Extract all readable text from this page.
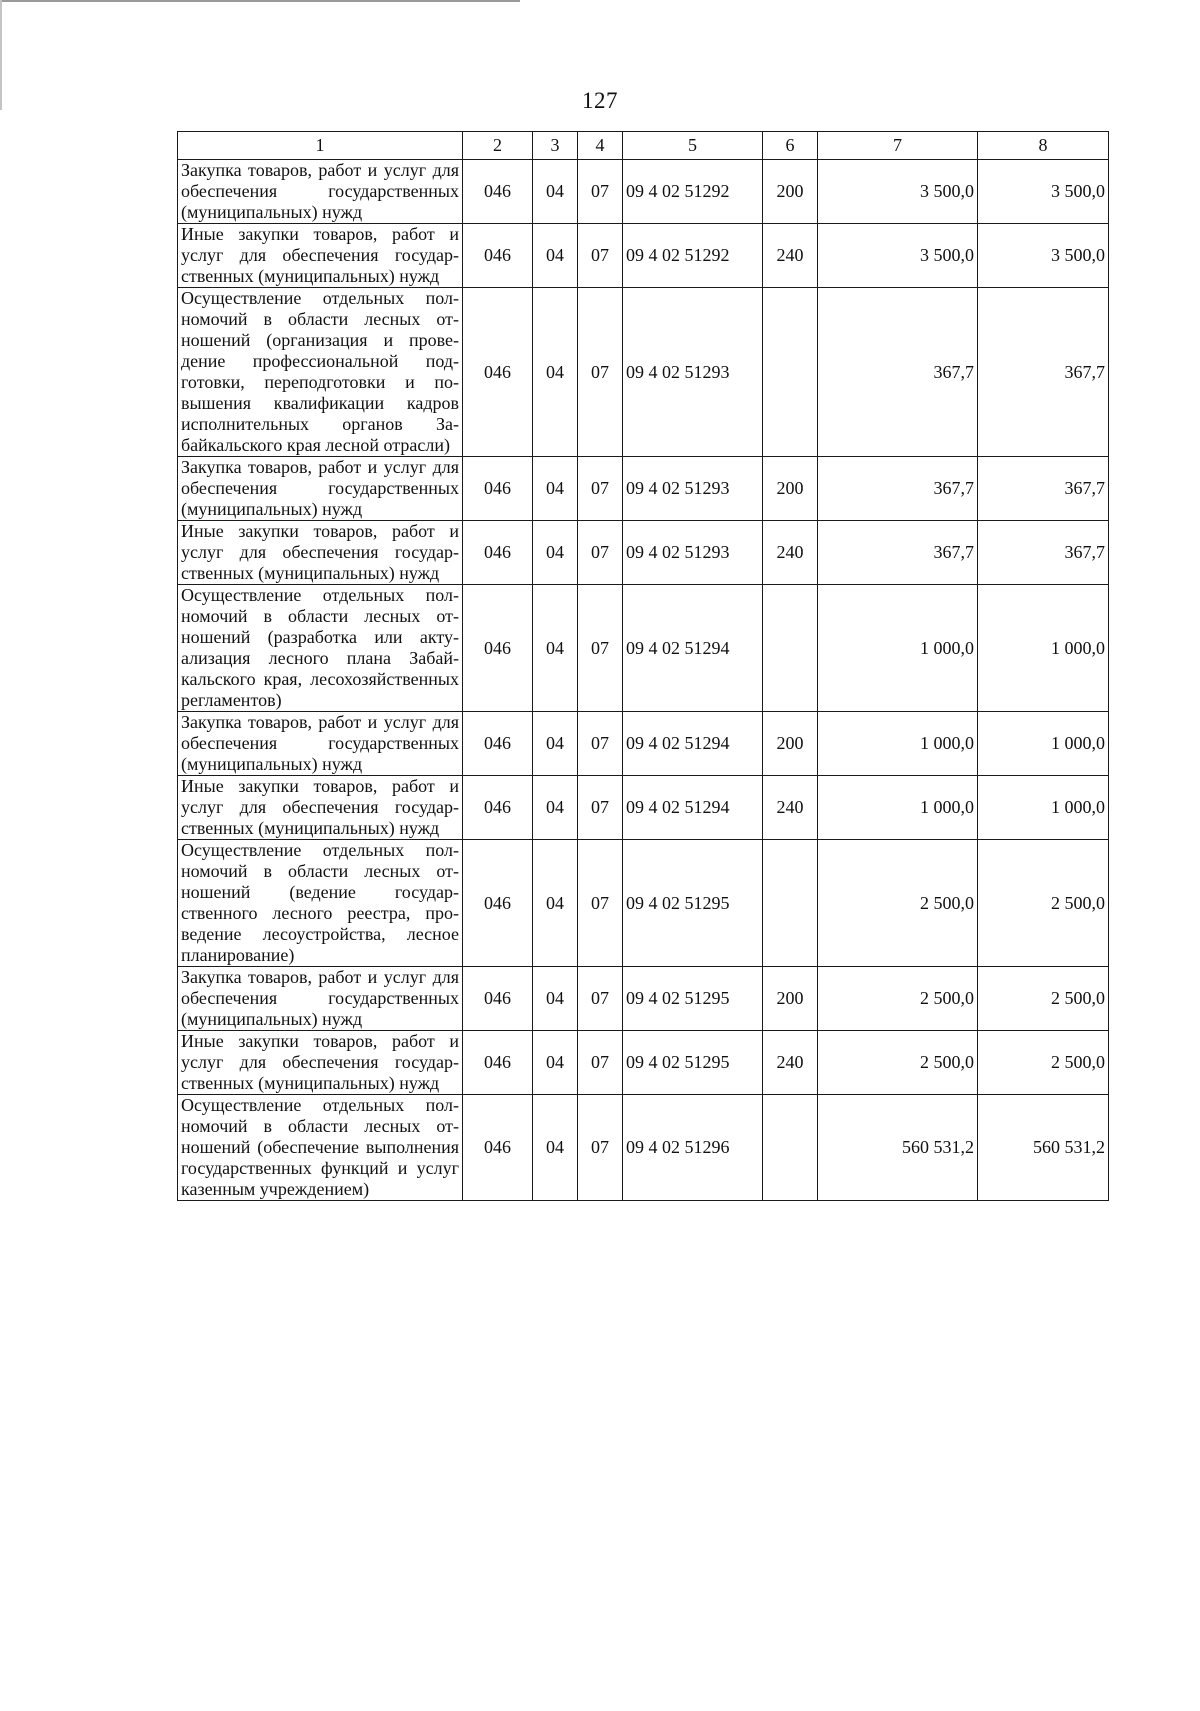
127
1	2	3	4	5	6	7	8
Закупка товаров, работ и услуг для обеспечения государственных (муниципальных) нужд	046	04	07	09 4 02 51292	200	3 500,0	3 500,0
Иные закупки товаров, работ и услуг для обеспечения государственных (муниципальных) нужд	046	04	07	09 4 02 51292	240	3 500,0	3 500,0
Осуществление отдельных полномочий в области лесных отношений (организация и проведение профессиональной подготовки, переподготовки и повышения квалификации кадров исполнительных органов Забайкальского края лесной отрасли)	046	04	07	09 4 02 51293		367,7	367,7
Закупка товаров, работ и услуг для обеспечения государственных (муниципальных) нужд	046	04	07	09 4 02 51293	200	367,7	367,7
Иные закупки товаров, работ и услуг для обеспечения государственных (муниципальных) нужд	046	04	07	09 4 02 51293	240	367,7	367,7
Осуществление отдельных полномочий в области лесных отношений (разработка или актуализация лесного плана Забайкальского края, лесохозяйственных регламентов)	046	04	07	09 4 02 51294		1 000,0	1 000,0
Закупка товаров, работ и услуг для обеспечения государственных (муниципальных) нужд	046	04	07	09 4 02 51294	200	1 000,0	1 000,0
Иные закупки товаров, работ и услуг для обеспечения государственных (муниципальных) нужд	046	04	07	09 4 02 51294	240	1 000,0	1 000,0
Осуществление отдельных полномочий в области лесных отношений (ведение государственного лесного реестра, проведение лесоустройства, лесное планирование)	046	04	07	09 4 02 51295		2 500,0	2 500,0
Закупка товаров, работ и услуг для обеспечения государственных (муниципальных) нужд	046	04	07	09 4 02 51295	200	2 500,0	2 500,0
Иные закупки товаров, работ и услуг для обеспечения государственных (муниципальных) нужд	046	04	07	09 4 02 51295	240	2 500,0	2 500,0
Осуществление отдельных полномочий в области лесных отношений (обеспечение выполнения государственных функций и услуг казенным учреждением)	046	04	07	09 4 02 51296		560 531,2	560 531,2
